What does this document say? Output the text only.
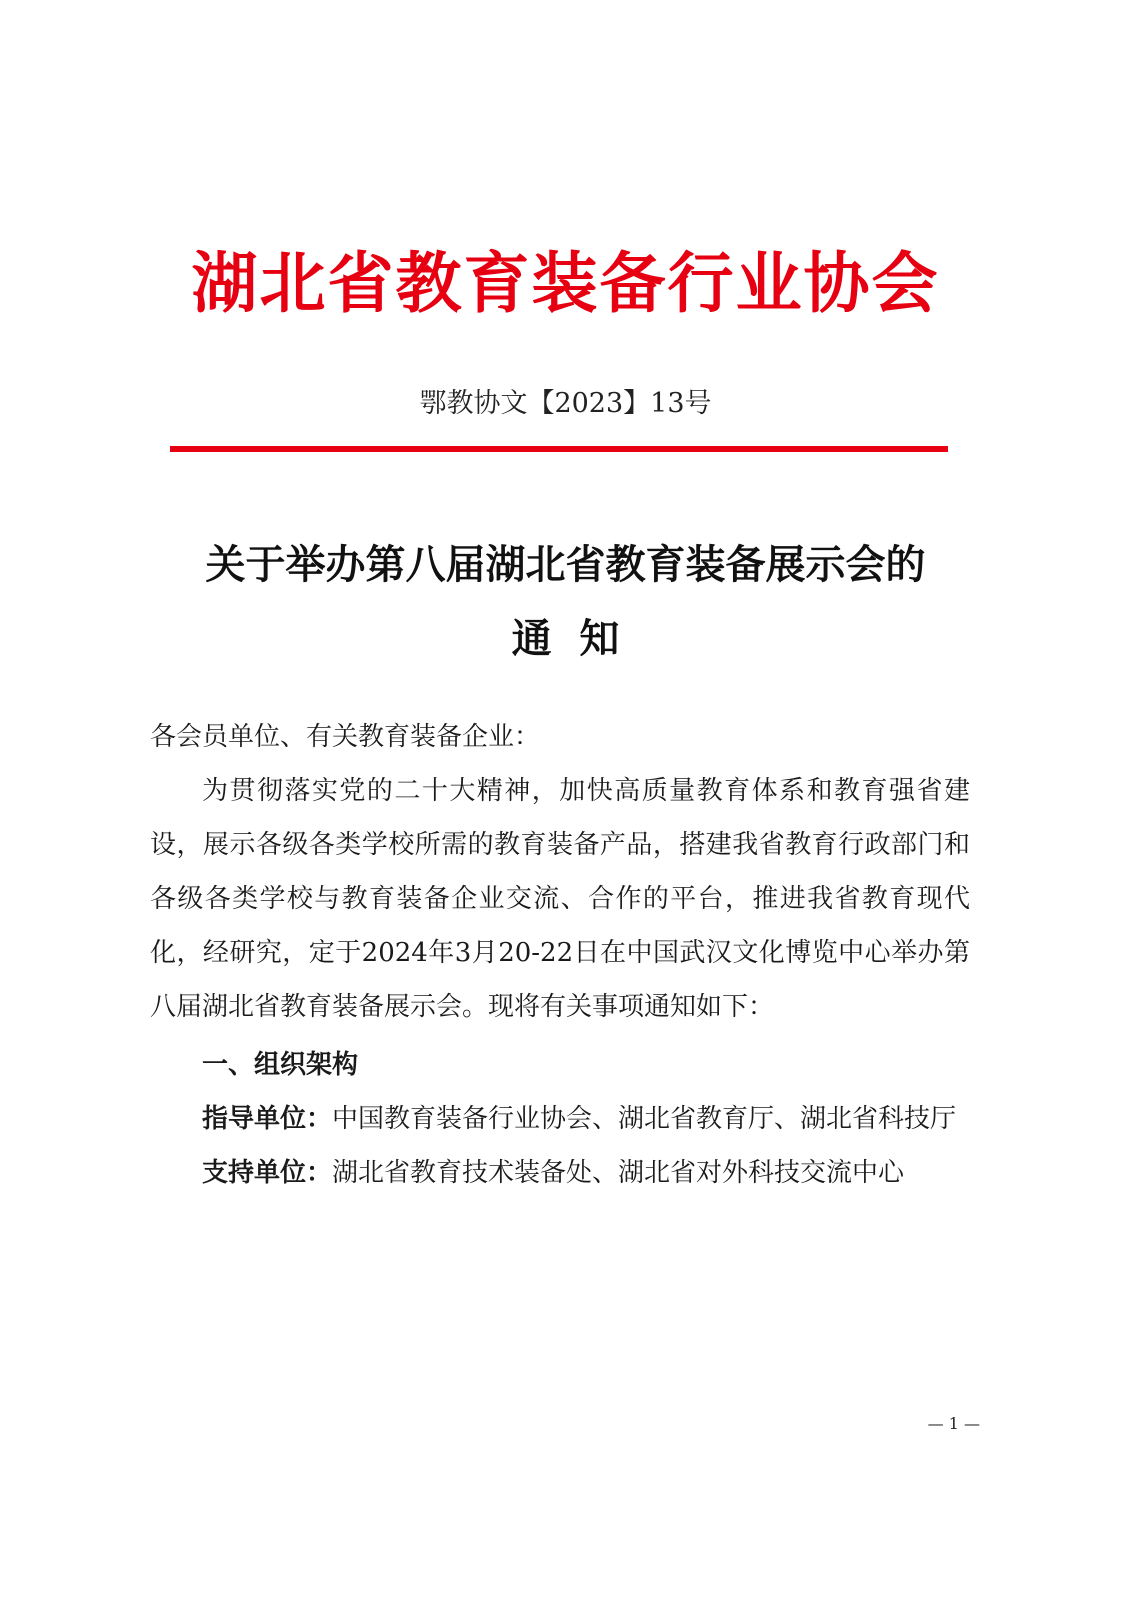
湖北省教育装备行业协会
鄂教协文【2023】13号
关于举办第八届湖北省教育装备展示会的
通  知

各会员单位、有关教育装备企业：

为贯彻落实党的二十大精神，加快高质量教育体系和教育强省建设，展示各级各类学校所需的教育装备产品，搭建我省教育行政部门和各级各类学校与教育装备企业交流、合作的平台，推进我省教育现代化，经研究，定于2024年3月20-22日在中国武汉文化博览中心举办第八届湖北省教育装备展示会。现将有关事项通知如下：

一、组织架构

指导单位：中国教育装备行业协会、湖北省教育厅、湖北省科技厅

支持单位：湖北省教育技术装备处、湖北省对外科技交流中心

— 1 —
